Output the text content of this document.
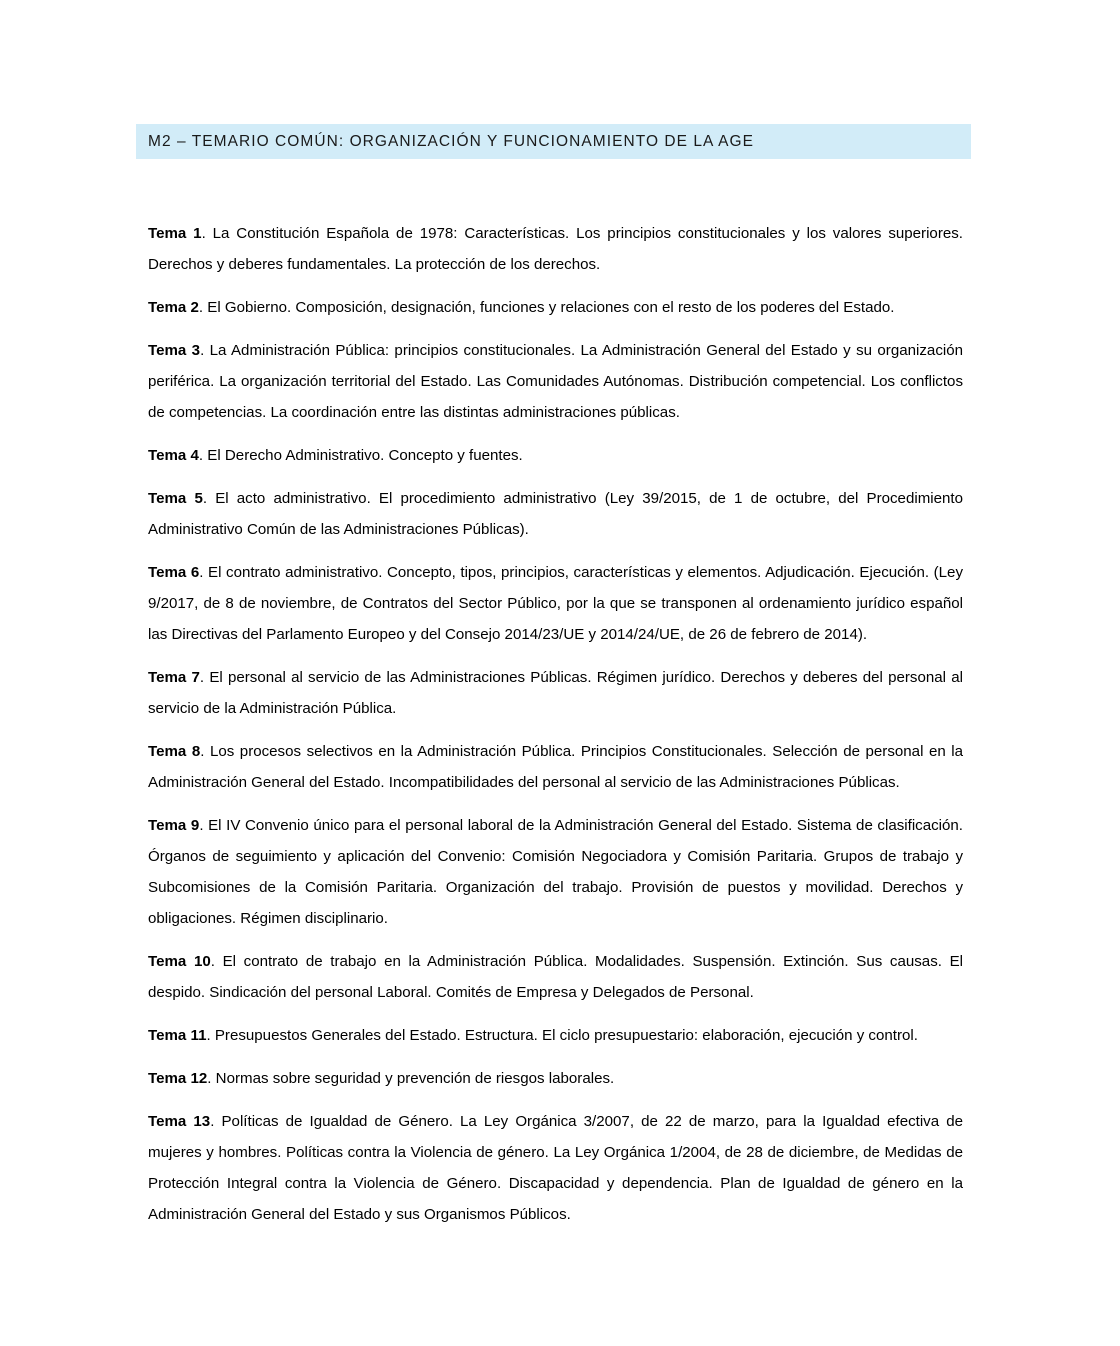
M2 – TEMARIO COMÚN: ORGANIZACIÓN Y FUNCIONAMIENTO DE LA AGE

Tema 1. La Constitución Española de 1978: Características. Los principios constitucionales y los valores superiores. Derechos y deberes fundamentales. La protección de los derechos.

Tema 2. El Gobierno. Composición, designación, funciones y relaciones con el resto de los poderes del Estado.

Tema 3. La Administración Pública: principios constitucionales. La Administración General del Estado y su organización periférica. La organización territorial del Estado. Las Comunidades Autónomas. Distribución competencial. Los conflictos de competencias. La coordinación entre las distintas administraciones públicas.

Tema 4. El Derecho Administrativo. Concepto y fuentes.

Tema 5. El acto administrativo. El procedimiento administrativo (Ley 39/2015, de 1 de octubre, del Procedimiento Administrativo Común de las Administraciones Públicas).

Tema 6. El contrato administrativo. Concepto, tipos, principios, características y elementos. Adjudicación. Ejecución. (Ley 9/2017, de 8 de noviembre, de Contratos del Sector Público, por la que se transponen al ordenamiento jurídico español las Directivas del Parlamento Europeo y del Consejo 2014/23/UE y 2014/24/UE, de 26 de febrero de 2014).

Tema 7. El personal al servicio de las Administraciones Públicas. Régimen jurídico. Derechos y deberes del personal al servicio de la Administración Pública.

Tema 8. Los procesos selectivos en la Administración Pública. Principios Constitucionales. Selección de personal en la Administración General del Estado. Incompatibilidades del personal al servicio de las Administraciones Públicas.

Tema 9. El IV Convenio único para el personal laboral de la Administración General del Estado. Sistema de clasificación. Órganos de seguimiento y aplicación del Convenio: Comisión Negociadora y Comisión Paritaria. Grupos de trabajo y Subcomisiones de la Comisión Paritaria. Organización del trabajo. Provisión de puestos y movilidad. Derechos y obligaciones. Régimen disciplinario.

Tema 10. El contrato de trabajo en la Administración Pública. Modalidades. Suspensión. Extinción. Sus causas. El despido. Sindicación del personal Laboral. Comités de Empresa y Delegados de Personal.

Tema 11. Presupuestos Generales del Estado. Estructura. El ciclo presupuestario: elaboración, ejecución y control.

Tema 12. Normas sobre seguridad y prevención de riesgos laborales.

Tema 13. Políticas de Igualdad de Género. La Ley Orgánica 3/2007, de 22 de marzo, para la Igualdad efectiva de mujeres y hombres. Políticas contra la Violencia de género. La Ley Orgánica 1/2004, de 28 de diciembre, de Medidas de Protección Integral contra la Violencia de Género. Discapacidad y dependencia. Plan de Igualdad de género en la Administración General del Estado y sus Organismos Públicos.
